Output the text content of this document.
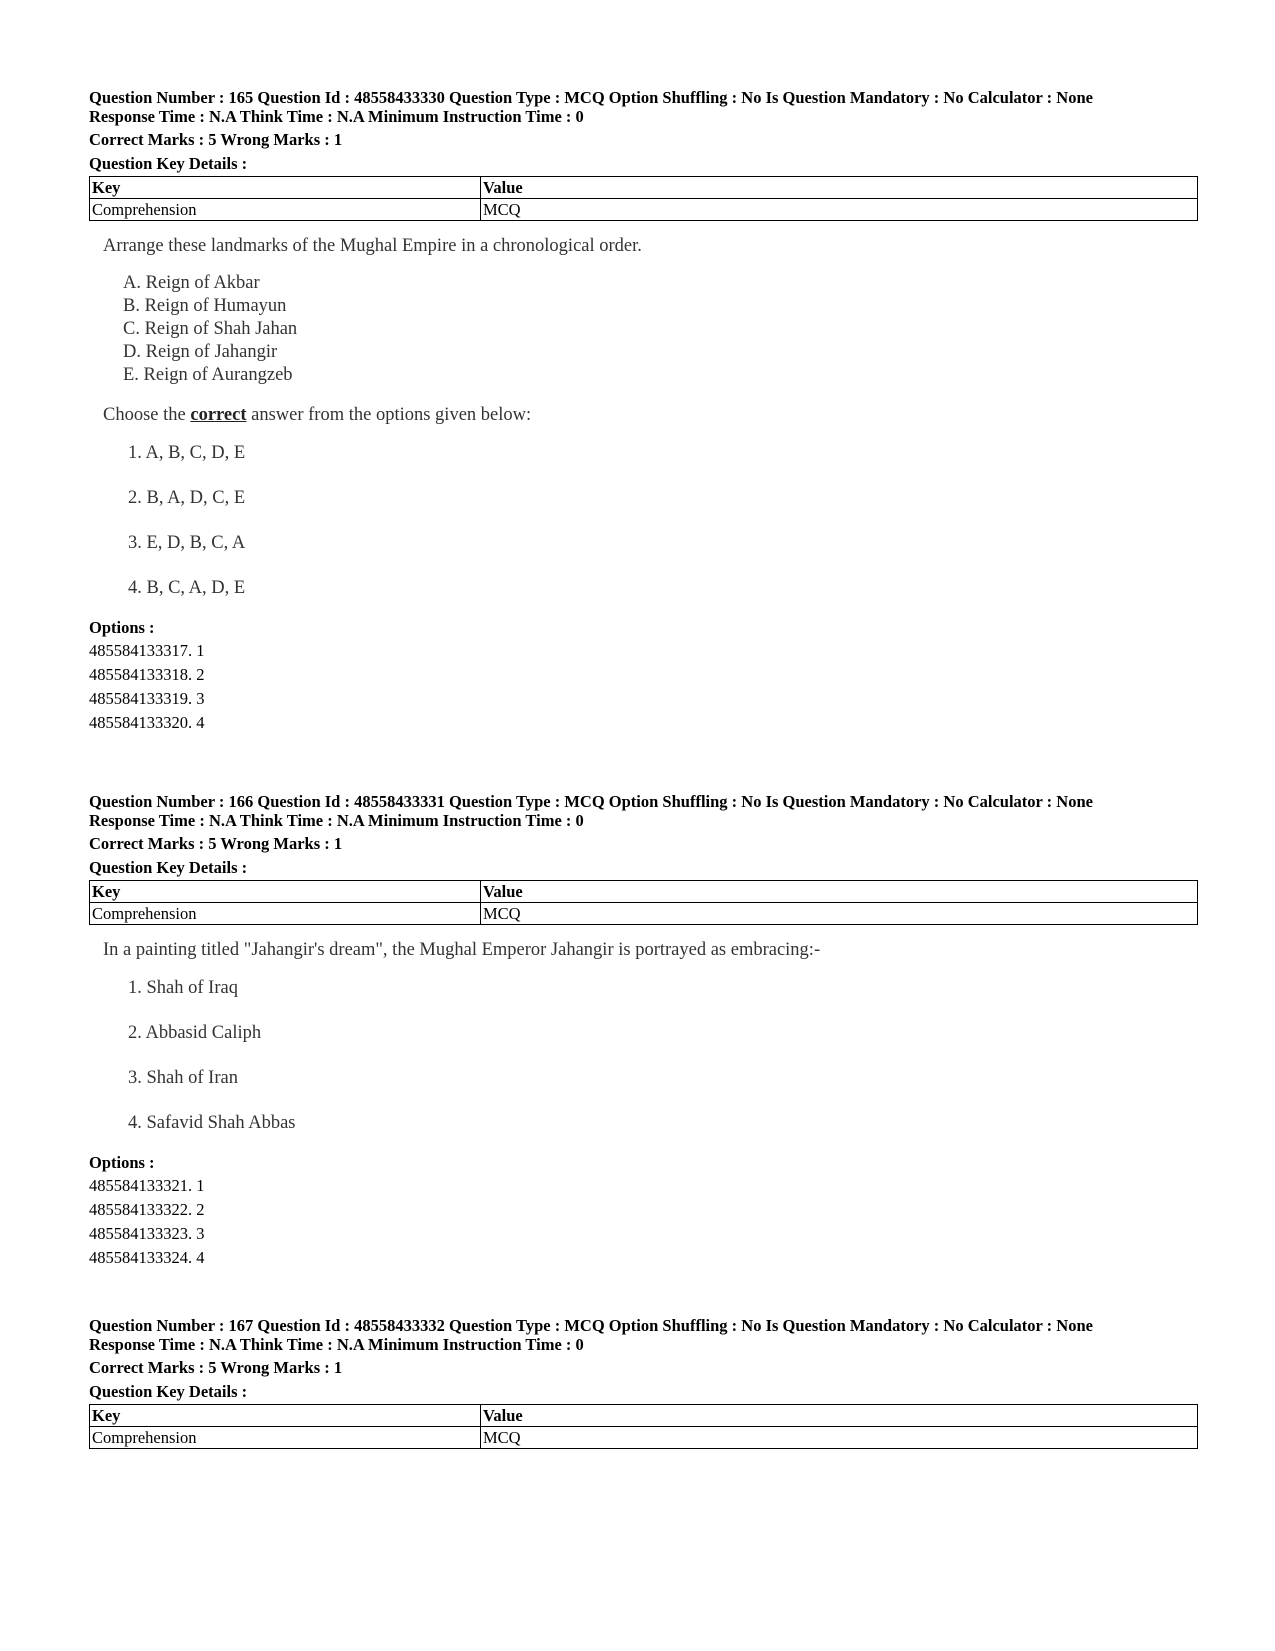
Question Number : 165 Question Id : 48558433330 Question Type : MCQ Option Shuffling : No Is Question Mandatory : No Calculator : None
Response Time : N.A Think Time : N.A Minimum Instruction Time : 0
Correct Marks : 5 Wrong Marks : 1
Question Key Details :
Key	Value
Comprehension	MCQ
Arrange these landmarks of the Mughal Empire in a chronological order.
A. Reign of Akbar
B. Reign of Humayun
C. Reign of Shah Jahan
D. Reign of Jahangir
E. Reign of Aurangzeb
Choose the correct answer from the options given below:
1. A, B, C, D, E
2. B, A, D, C, E
3. E, D, B, C, A
4. B, C, A, D, E
Options :
485584133317. 1
485584133318. 2
485584133319. 3
485584133320. 4
Question Number : 166 Question Id : 48558433331 Question Type : MCQ Option Shuffling : No Is Question Mandatory : No Calculator : None
Response Time : N.A Think Time : N.A Minimum Instruction Time : 0
Correct Marks : 5 Wrong Marks : 1
Question Key Details :
Key	Value
Comprehension	MCQ
In a painting titled "Jahangir's dream", the Mughal Emperor Jahangir is portrayed as embracing:-
1. Shah of Iraq
2. Abbasid Caliph
3. Shah of Iran
4. Safavid Shah Abbas
Options :
485584133321. 1
485584133322. 2
485584133323. 3
485584133324. 4
Question Number : 167 Question Id : 48558433332 Question Type : MCQ Option Shuffling : No Is Question Mandatory : No Calculator : None
Response Time : N.A Think Time : N.A Minimum Instruction Time : 0
Correct Marks : 5 Wrong Marks : 1
Question Key Details :
Key	Value
Comprehension	MCQ
